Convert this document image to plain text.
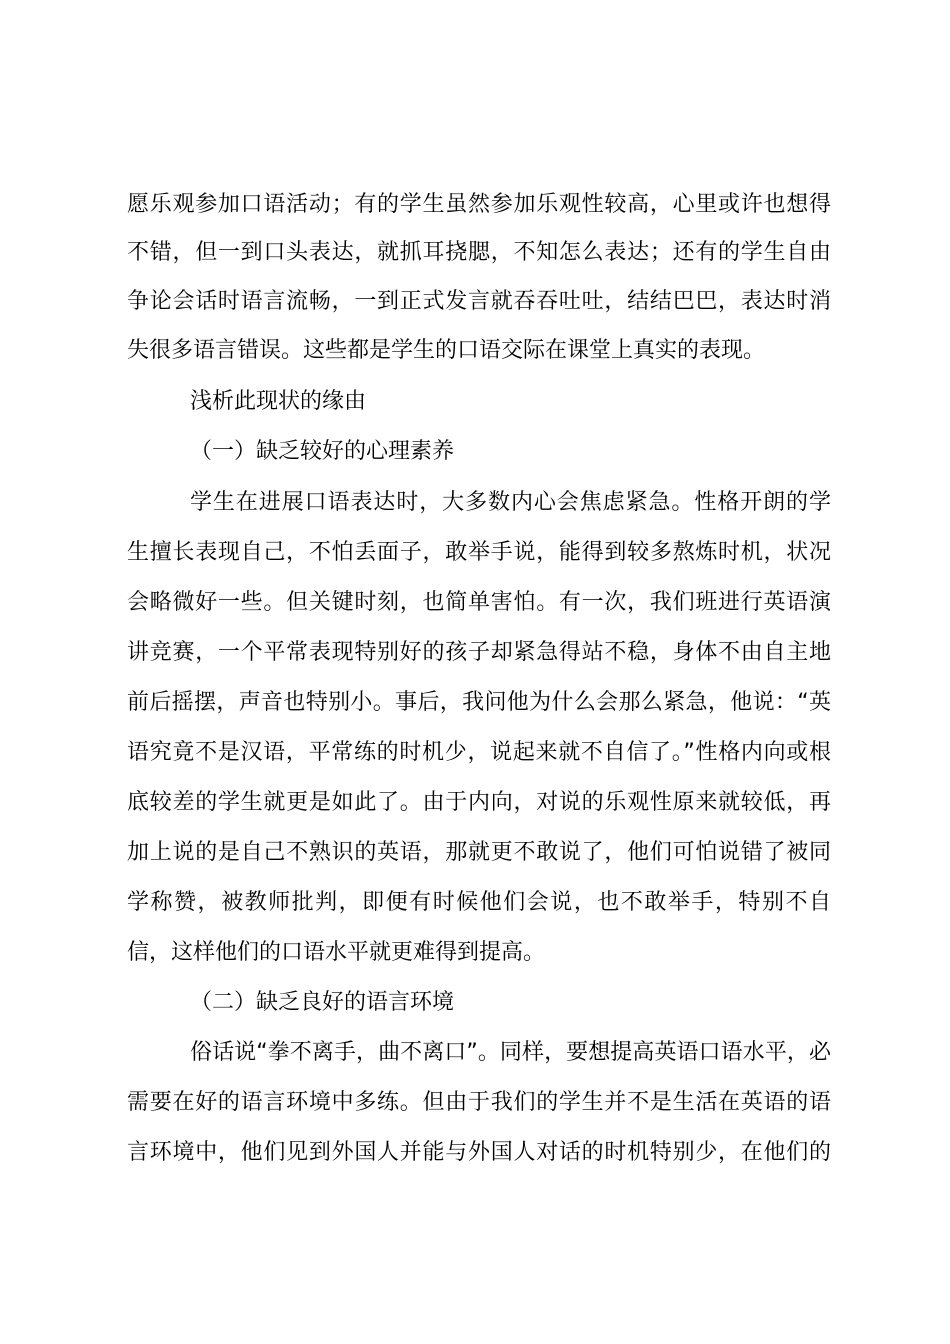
愿乐观参加口语活动；有的学生虽然参加乐观性较高，心里或许也想得
不错，但一到口头表达，就抓耳挠腮，不知怎么表达；还有的学生自由
争论会话时语言流畅，一到正式发言就吞吞吐吐，结结巴巴，表达时消
失很多语言错误。这些都是学生的口语交际在课堂上真实的表现。
浅析此现状的缘由
（一）缺乏较好的心理素养
学生在进展口语表达时，大多数内心会焦虑紧急。性格开朗的学
生擅长表现自己，不怕丢面子，敢举手说，能得到较多熬炼时机，状况
会略微好一些。但关键时刻，也简单害怕。有一次，我们班进行英语演
讲竞赛，一个平常表现特别好的孩子却紧急得站不稳，身体不由自主地
前后摇摆，声音也特别小。事后，我问他为什么会那么紧急，他说：“英
语究竟不是汉语，平常练的时机少，说起来就不自信了。”性格内向或根
底较差的学生就更是如此了。由于内向，对说的乐观性原来就较低，再
加上说的是自己不熟识的英语，那就更不敢说了，他们可怕说错了被同
学称赞，被教师批判，即便有时候他们会说，也不敢举手，特别不自
信，这样他们的口语水平就更难得到提高。
（二）缺乏良好的语言环境
俗话说“拳不离手，曲不离口”。同样，要想提高英语口语水平，必
需要在好的语言环境中多练。但由于我们的学生并不是生活在英语的语
言环境中，他们见到外国人并能与外国人对话的时机特别少，在他们的
